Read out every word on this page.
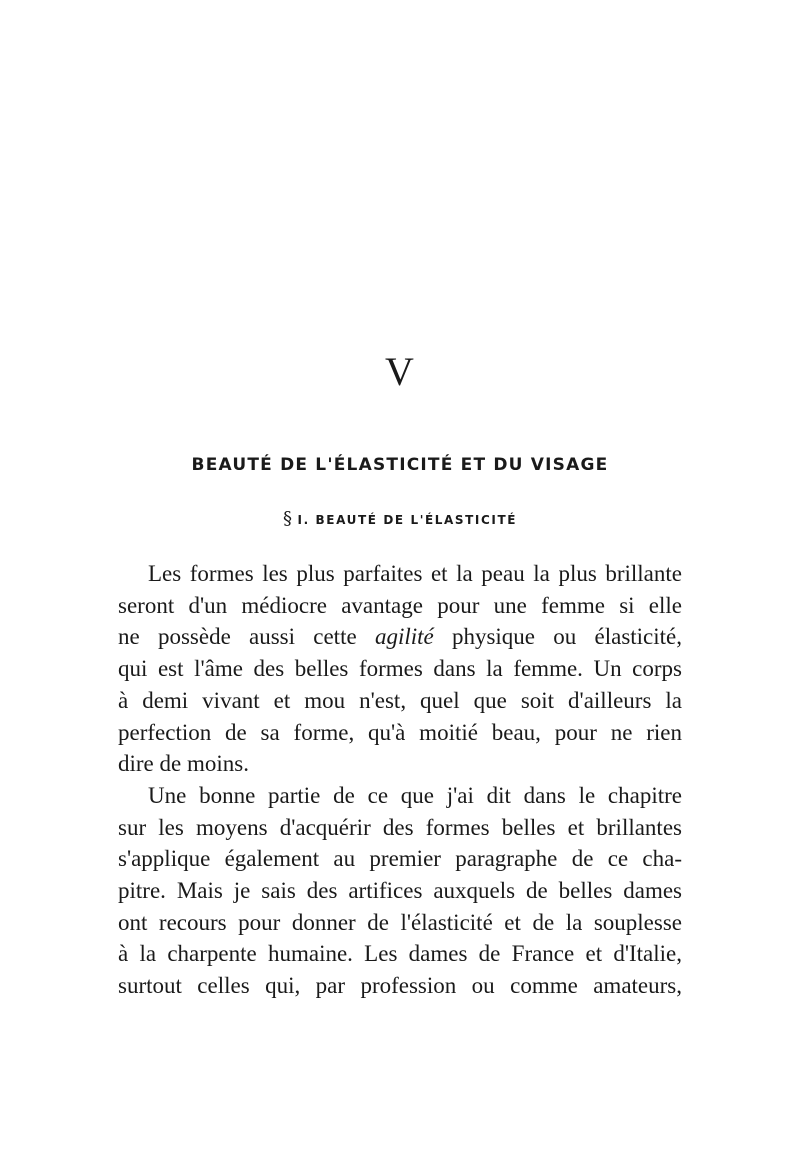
V
BEAUTÉ DE L'ÉLASTICITÉ ET DU VISAGE
§ I. BEAUTÉ DE L'ÉLASTICITÉ
Les formes les plus parfaites et la peau la plus brillante
seront d'un médiocre avantage pour une femme si elle
ne possède aussi cette agilité physique ou élasticité,
qui est l'âme des belles formes dans la femme. Un corps
à demi vivant et mou n'est, quel que soit d'ailleurs la
perfection de sa forme, qu'à moitié beau, pour ne rien
dire de moins.
Une bonne partie de ce que j'ai dit dans le chapitre
sur les moyens d'acquérir des formes belles et brillantes
s'applique également au premier paragraphe de ce cha-
pitre. Mais je sais des artifices auxquels de belles dames
ont recours pour donner de l'élasticité et de la souplesse
à la charpente humaine. Les dames de France et d'Italie,
surtout celles qui, par profession ou comme amateurs,
